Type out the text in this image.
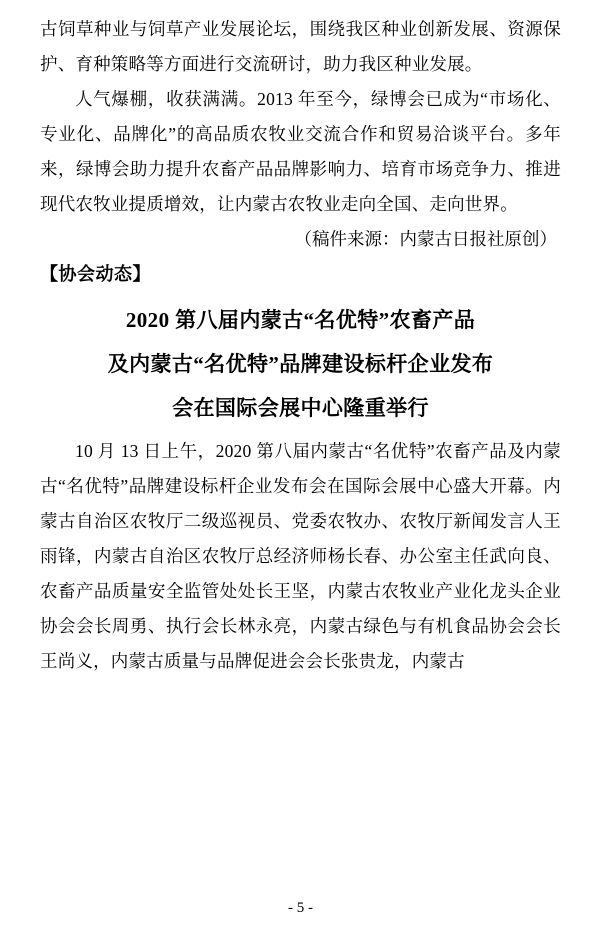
古饲草种业与饲草产业发展论坛，围绕我区种业创新发展、资源保护、育种策略等方面进行交流研讨，助力我区种业发展。

人气爆棚，收获满满。2013 年至今，绿博会已成为“市场化、专业化、品牌化”的高品质农牧业交流合作和贸易洽谈平台。多年来，绿博会助力提升农畜产品品牌影响力、培育市场竞争力、推进现代农牧业提质增效，让内蒙古农牧业走向全国、走向世界。

（稿件来源：内蒙古日报社原创）

【协会动态】

2020 第八届内蒙古“名优特”农畜产品
及内蒙古“名优特”品牌建设标杆企业发布
会在国际会展中心隆重举行

10 月 13 日上午，2020 第八届内蒙古“名优特”农畜产品及内蒙古“名优特”品牌建设标杆企业发布会在国际会展中心盛大开幕。内蒙古自治区农牧厅二级巡视员、党委农牧办、农牧厅新闻发言人王雨锋，内蒙古自治区农牧厅总经济师杨长春、办公室主任武向良、农畜产品质量安全监管处处长王坚，内蒙古农牧业产业化龙头企业协会会长周勇、执行会长林永亮，内蒙古绿色与有机食品协会会长王尚义，内蒙古质量与品牌促进会会长张贵龙，内蒙古

- 5 -
